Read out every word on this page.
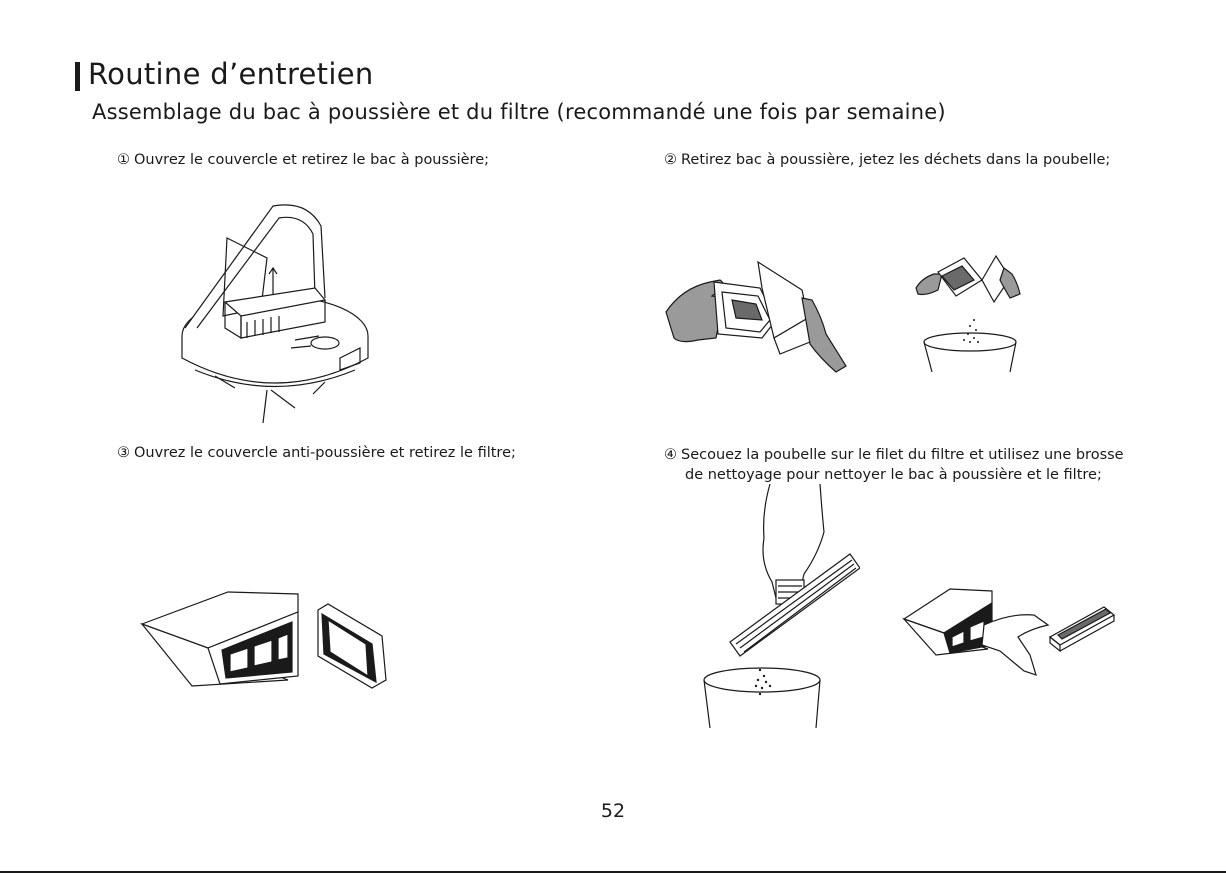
Routine d’entretien
Assemblage du bac à poussière et du filtre (recommandé une fois par semaine)
① Ouvrez le couvercle et retirez le bac à poussière;	② Retirez bac à poussière, jetez les déchets dans la poubelle;
③ Ouvrez le couvercle anti-poussière et retirez le filtre;	④ Secouez la poubelle sur le filet du filtre et utilisez une brosse
de nettoyage pour nettoyer le bac à poussière et le filtre;
52
